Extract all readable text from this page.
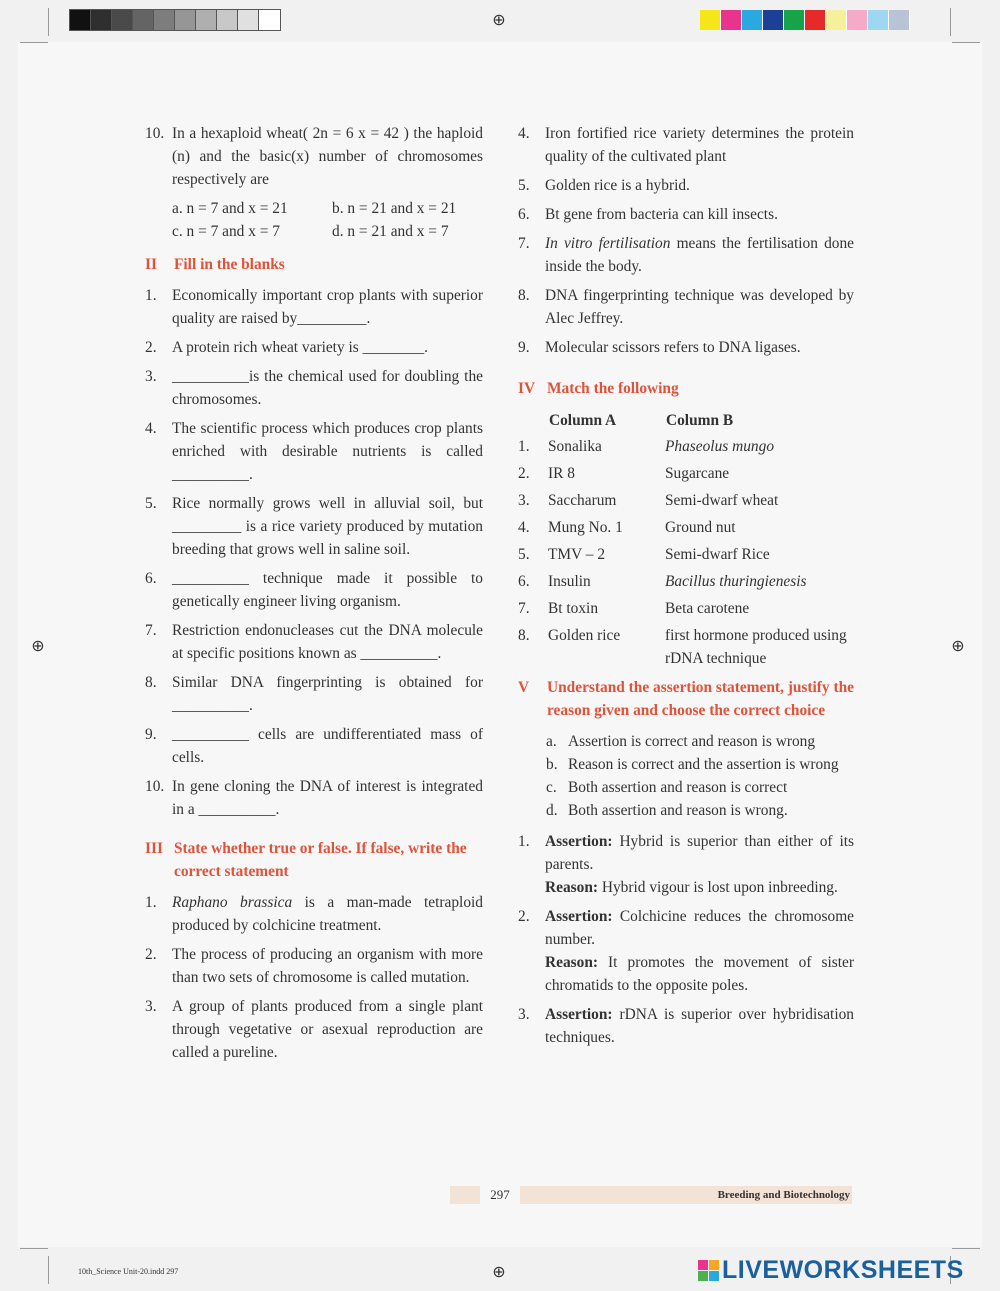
⊕
⊕	⊕
⊕
10. In a hexaploid wheat( 2n = 6 x = 42 ) the haploid (n) and the basic(x) number of chromosomes respectively are
a. n = 7 and x = 21	b. n = 21 and x = 21
c. n = 7 and x = 7	d. n = 21 and x = 7
II Fill in the blanks
1. Economically important crop plants with superior quality are raised by_________.
2. A protein rich wheat variety is ________.
3. __________is the chemical used for doubling the chromosomes.
4. The scientific process which produces crop plants enriched with desirable nutrients is called __________.
5. Rice normally grows well in alluvial soil, but _________ is a rice variety produced by mutation breeding that grows well in saline soil.
6. __________ technique made it possible to genetically engineer living organism.
7. Restriction endonucleases cut the DNA molecule at specific positions known as __________.
8. Similar DNA fingerprinting is obtained for __________.
9. __________ cells are undifferentiated mass of cells.
10. In gene cloning the DNA of interest is integrated in a __________.
III State whether true or false. If false, write the correct statement
1. Raphano brassica is a man-made tetraploid produced by colchicine treatment.
2. The process of producing an organism with more than two sets of chromosome is called mutation.
3. A group of plants produced from a single plant through vegetative or asexual reproduction are called a pureline.
4. Iron fortified rice variety determines the protein quality of the cultivated plant
5. Golden rice is a hybrid.
6. Bt gene from bacteria can kill insects.
7. In vitro fertilisation means the fertilisation done inside the body.
8. DNA fingerprinting technique was developed by Alec Jeffrey.
9. Molecular scissors refers to DNA ligases.
IV Match the following
	Column A	Column B
1.	Sonalika	Phaseolus mungo
2.	IR 8	Sugarcane
3.	Saccharum	Semi-dwarf wheat
4.	Mung No. 1	Ground nut
5.	TMV – 2	Semi-dwarf Rice
6.	Insulin	Bacillus thuringienesis
7.	Bt toxin	Beta carotene
8.	Golden rice	first hormone produced using rDNA technique
V Understand the assertion statement, justify the reason given and choose the correct choice
a. Assertion is correct and reason is wrong
b. Reason is correct and the assertion is wrong
c. Both assertion and reason is correct
d. Both assertion and reason is wrong.
1. Assertion: Hybrid is superior than either of its parents.
Reason: Hybrid vigour is lost upon inbreeding.
2. Assertion: Colchicine reduces the chromosome number.
Reason: It promotes the movement of sister chromatids to the opposite poles.
3. Assertion: rDNA is superior over hybridisation techniques.
297	Breeding and Biotechnology
10th_Science Unit-20.indd 297	LIVEWORKSHEETS
